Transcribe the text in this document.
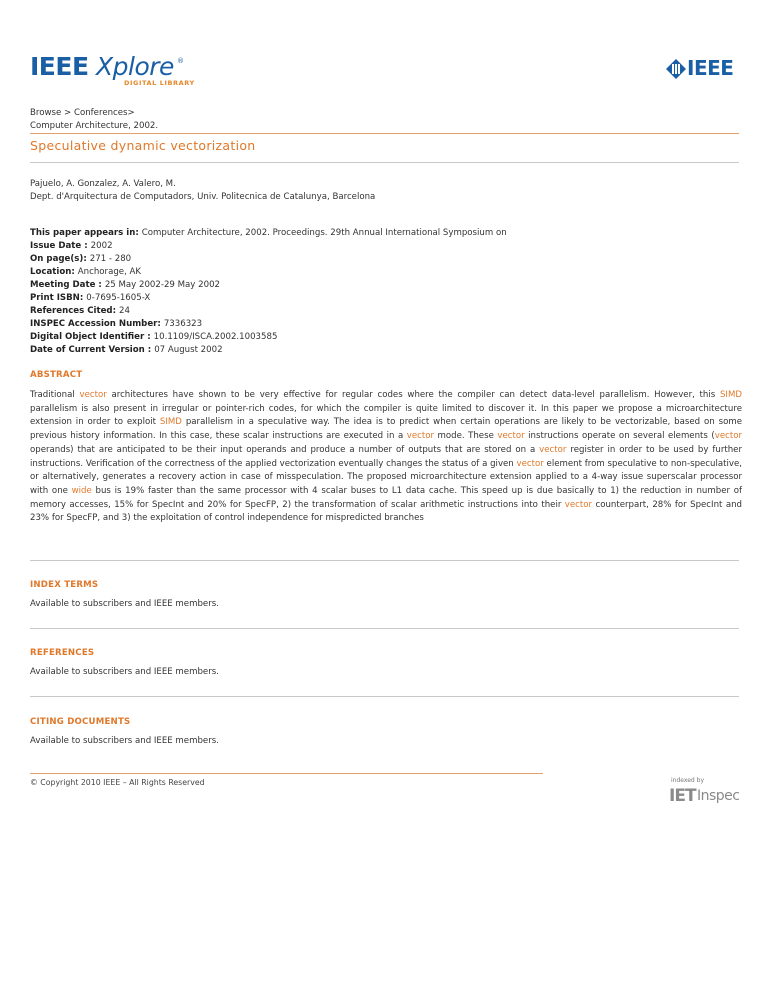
IEEE Xplore ®
DIGITAL LIBRARY
IEEE
Browse > Conferences>
Computer Architecture, 2002.
Speculative dynamic vectorization
Pajuelo, A. Gonzalez, A. Valero, M.
Dept. d'Arquitectura de Computadors, Univ. Politecnica de Catalunya, Barcelona
This paper appears in: Computer Architecture, 2002. Proceedings. 29th Annual International Symposium on
Issue Date : 2002
On page(s): 271 - 280
Location: Anchorage, AK
Meeting Date : 25 May 2002-29 May 2002
Print ISBN: 0-7695-1605-X
References Cited: 24
INSPEC Accession Number: 7336323
Digital Object Identifier : 10.1109/ISCA.2002.1003585
Date of Current Version : 07 August 2002
ABSTRACT
Traditional vector architectures have shown to be very effective for regular codes where the compiler can detect data-level parallelism. However, this SIMD parallelism is also present in irregular or pointer-rich codes, for which the compiler is quite limited to discover it. In this paper we propose a microarchitecture extension in order to exploit SIMD parallelism in a speculative way. The idea is to predict when certain operations are likely to be vectorizable, based on some previous history information. In this case, these scalar instructions are executed in a vector mode. These vector instructions operate on several elements (vector operands) that are anticipated to be their input operands and produce a number of outputs that are stored on a vector register in order to be used by further instructions. Verification of the correctness of the applied vectorization eventually changes the status of a given vector element from speculative to non-speculative, or alternatively, generates a recovery action in case of misspeculation. The proposed microarchitecture extension applied to a 4-way issue superscalar processor with one wide bus is 19% faster than the same processor with 4 scalar buses to L1 data cache. This speed up is due basically to 1) the reduction in number of memory accesses, 15% for SpecInt and 20% for SpecFP, 2) the transformation of scalar arithmetic instructions into their vector counterpart, 28% for SpecInt and 23% for SpecFP, and 3) the exploitation of control independence for mispredicted branches
INDEX TERMS
Available to subscribers and IEEE members.
REFERENCES
Available to subscribers and IEEE members.
CITING DOCUMENTS
Available to subscribers and IEEE members.
© Copyright 2010 IEEE – All Rights Reserved	indexed by
IET Inspec
